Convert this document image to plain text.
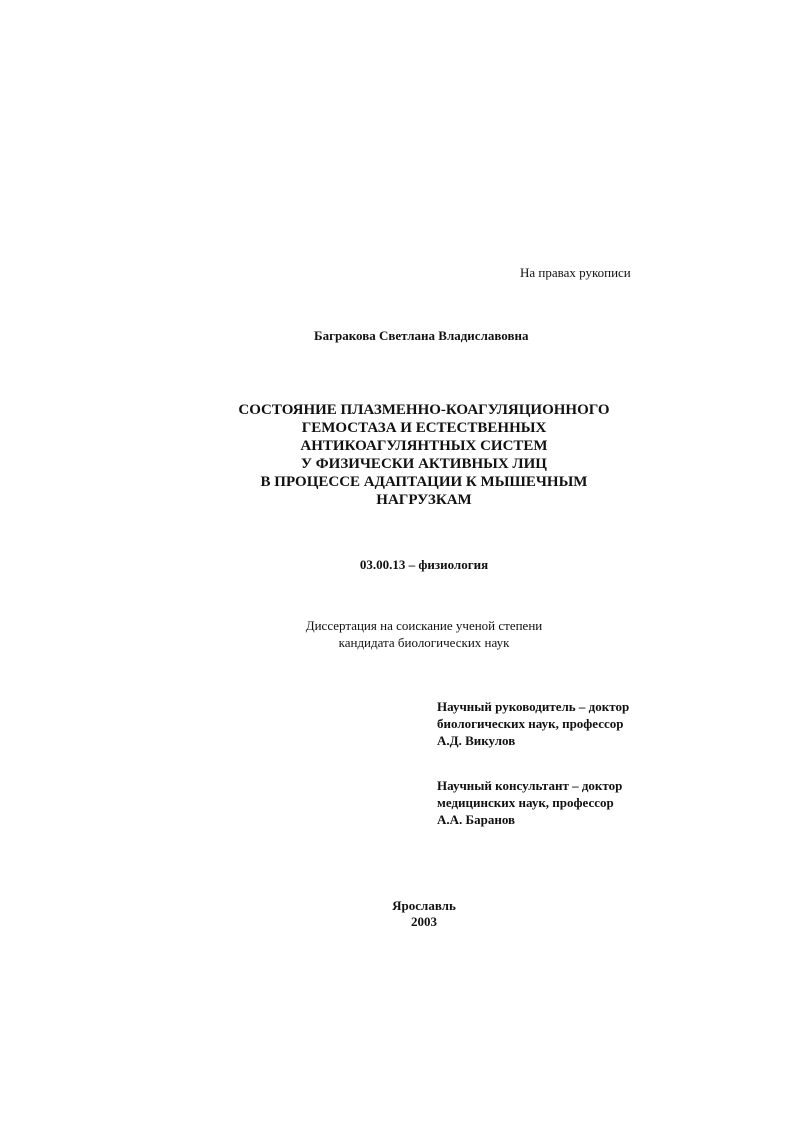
На правах рукописи
Багракова Светлана Владиславовна
СОСТОЯНИЕ ПЛАЗМЕННО-КОАГУЛЯЦИОННОГО
ГЕМОСТАЗА И ЕСТЕСТВЕННЫХ
АНТИКОАГУЛЯНТНЫХ СИСТЕМ
У ФИЗИЧЕСКИ АКТИВНЫХ ЛИЦ
В ПРОЦЕССЕ АДАПТАЦИИ К МЫШЕЧНЫМ
НАГРУЗКАМ
03.00.13 – физиология
Диссертация на соискание ученой степени
кандидата биологических наук
Научный руководитель – доктор
биологических наук, профессор
А.Д. Викулов
Научный консультант – доктор
медицинских наук, профессор
А.А. Баранов
Ярославль
2003
